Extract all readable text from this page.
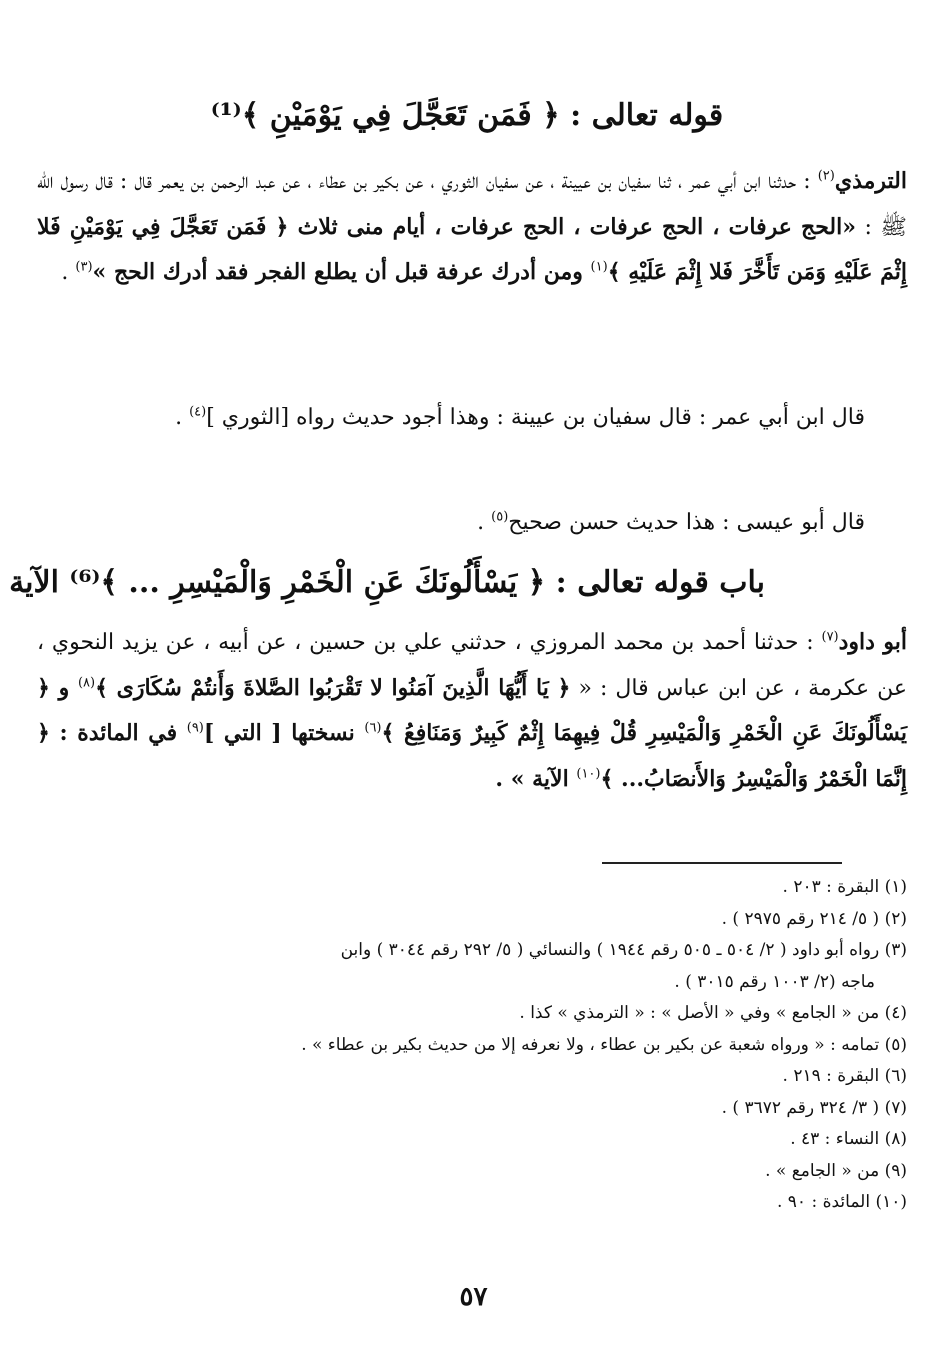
قوله تعالى : ﴿ فَمَن تَعَجَّلَ فِي يَوْمَيْنِ ﴾⁽¹⁾
الترمذي$^{(٢)}$ : حدثنا ابن أبي عمر ، ثنا سفيان بن عيينة ، عن سفيان الثوري ، عن بكير بن عطاء ، عن عبد الرحمن بن يعمر قال : قال رسول الله ﷺ : «الحج عرفات ، الحج عرفات ، الحج عرفات ، أيام منى ثلاث ﴿ فَمَن تَعَجَّلَ فِي يَوْمَيْنِ فَلا إِثْمَ عَلَيْهِ وَمَن تَأَخَّرَ فَلا إِثْمَ عَلَيْهِ ﴾$^{(١)}$ ومن أدرك عرفة قبل أن يطلع الفجر فقد أدرك الحج »$^{(٣)}$ .
قال ابن أبي عمر : قال سفيان بن عيينة : وهذا أجود حديث رواه [الثوري ]$^{(٤)}$ .
قال أبو عيسى : هذا حديث حسن صحيح$^{(٥)}$ .
باب قوله تعالى : ﴿ يَسْأَلُونَكَ عَنِ الْخَمْرِ وَالْمَيْسِرِ ... ﴾⁽⁶⁾ الآية
أبو داود$^{(٧)}$ : حدثنا أحمد بن محمد المروزي ، حدثني علي بن حسين ، عن أبيه ، عن يزيد النحوي ، عن عكرمة ، عن ابن عباس قال : « ﴿ يَا أَيُّهَا الَّذِينَ آمَنُوا لا تَقْرَبُوا الصَّلاةَ وَأَنتُمْ سُكَارَى ﴾$^{(٨)}$ و ﴿ يَسْأَلُونَكَ عَنِ الْخَمْرِ وَالْمَيْسِرِ قُلْ فِيهِمَا إِثْمٌ كَبِيرٌ وَمَنَافِعُ ﴾$^{(٦)}$ نسختها [ التي ]$^{(٩)}$ في المائدة : ﴿ إِنَّمَا الْخَمْرُ وَالْمَيْسِرُ وَالأَنصَابُ... ﴾$^{(١٠)}$ الآية » .
(١) البقرة : ٢٠٣ .
(٢) ( ٥/ ٢١٤ رقم ٢٩٧٥ ) .
(٣) رواه أبو داود ( ٢/ ٥٠٤ ـ ٥٠٥ رقم ١٩٤٤ ) والنسائي ( ٥/ ٢٩٢ رقم ٣٠٤٤ ) وابن
ماجه (٢/ ١٠٠٣ رقم ٣٠١٥ ) .
(٤) من « الجامع » وفي « الأصل » : « الترمذي » كذا .
(٥) تمامه : « ورواه شعبة عن بكير بن عطاء ، ولا نعرفه إلا من حديث بكير بن عطاء » .
(٦) البقرة : ٢١٩ .
(٧) ( ٣/ ٣٢٤ رقم ٣٦٧٢ ) .
(٨) النساء : ٤٣ .
(٩) من « الجامع » .
(١٠) المائدة : ٩٠ .
٥٧
